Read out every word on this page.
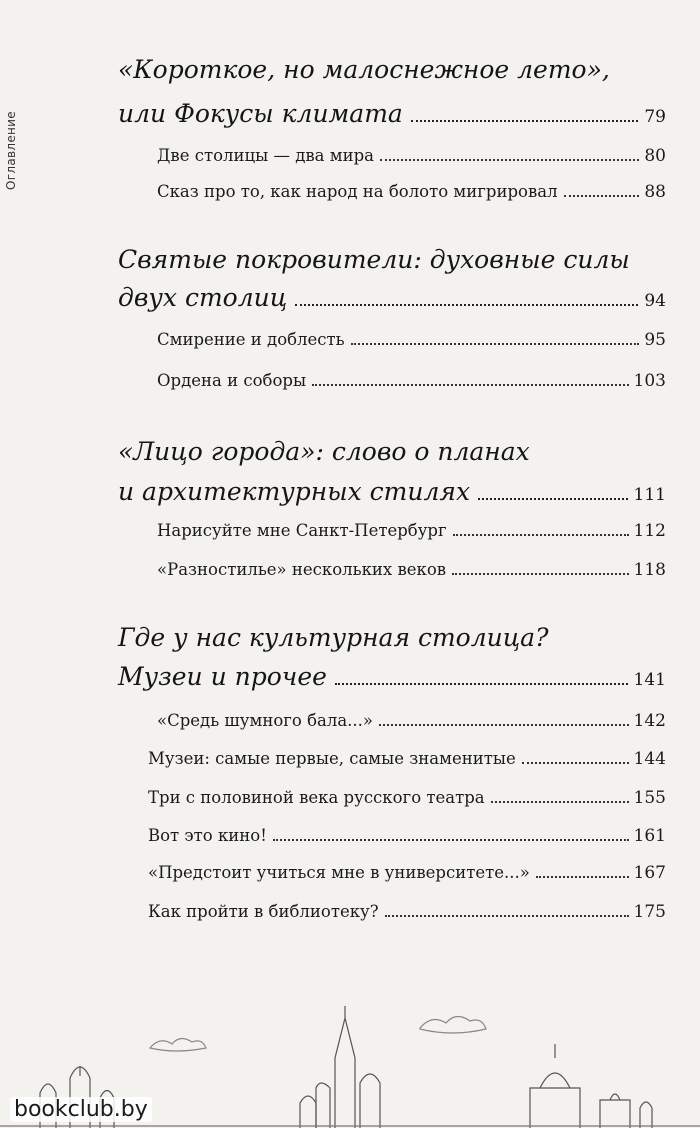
Оглавление
«Короткое, но малоснежное лето»,
или Фокусы климата	79
Две столицы — два мира	80
Сказ про то, как народ на болото мигрировал	88
Святые покровители: духовные силы
двух столиц	94
Смирение и доблесть	95
Ордена и соборы	103
«Лицо города»: слово о планах
и архитектурных стилях	111
Нарисуйте мне Санкт-Петербург	112
«Разностилье» нескольких веков	118
Где у нас культурная столица?
Музеи и прочее	141
«Средь шумного бала...»	142
Музеи: самые первые, самые знаменитые	144
Три с половиной века русского театра	155
Вот это кино!	161
«Предстоит учиться мне в университете...»	167
Как пройти в библиотеку?	175
bookclub.by
